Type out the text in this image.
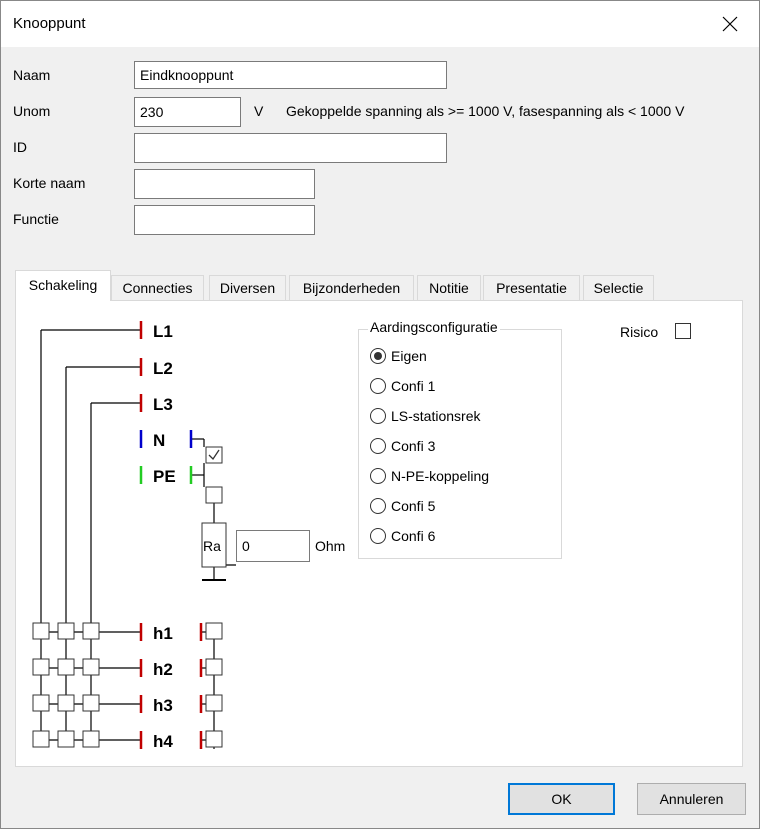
Knooppunt
Naam
Eindknooppunt
Unom
230	V Gekoppelde spanning als >= 1000 V, fasespanning als < 1000 V
ID
Korte naam
Functie
Schakeling	Connecties	Diversen	Bijzonderheden	Notitie	Presentatie	Selectie
L1
L2
L3
N
PE
Ra	Ohm
h1
h2
h3
h4
0
Aardingsconfiguratie
Eigen
Confi 1
LS-stationsrek
Confi 3
N-PE-koppeling
Confi 5
Confi 6
Risico
OK	Annuleren
